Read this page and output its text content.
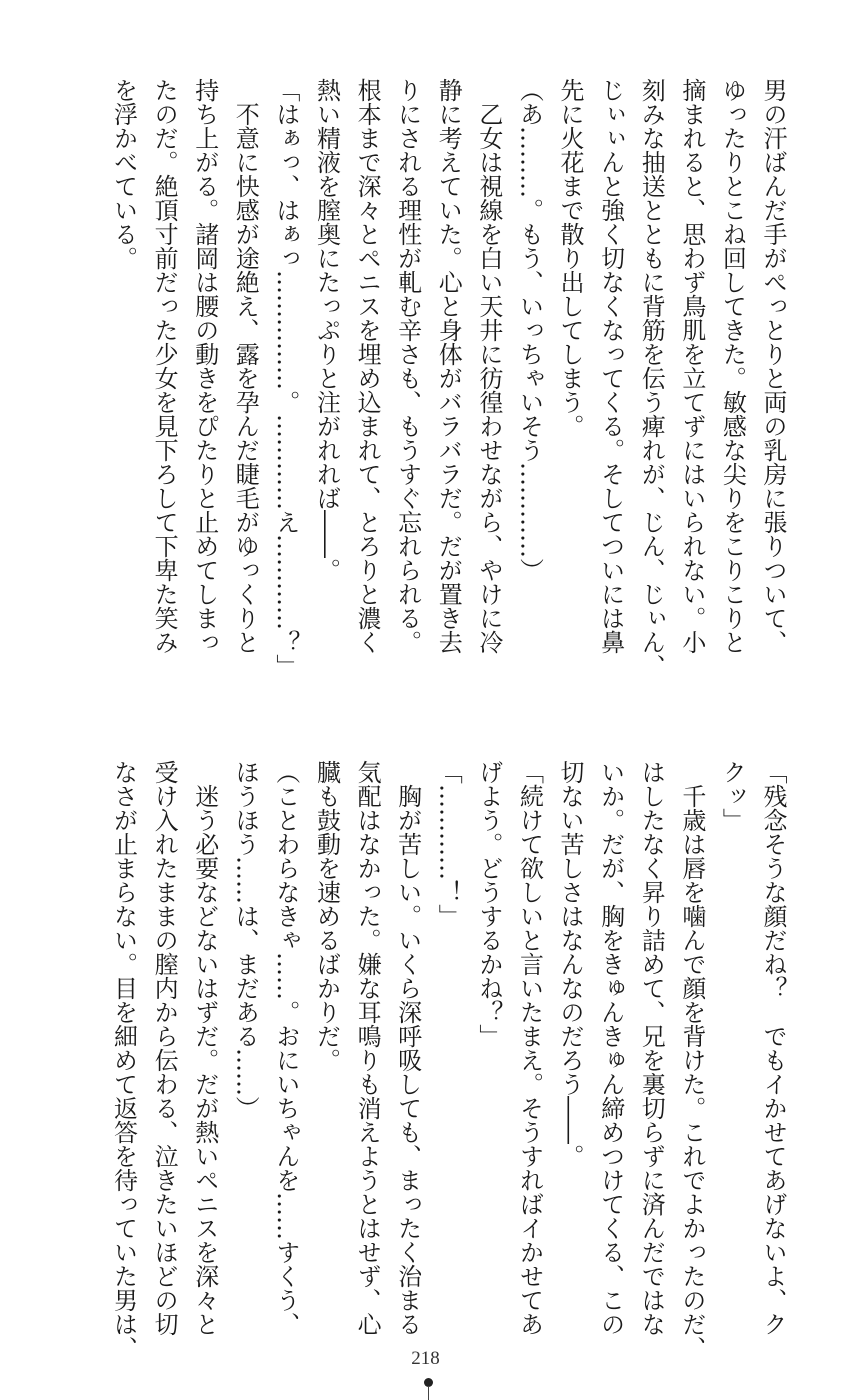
男の汗ばんだ手がぺっとりと両の乳房に張りついて、
ゆったりとこね回してきた。敏感な尖りをこりこりと
摘まれると、思わず鳥肌を立てずにはいられない。小
刻みな抽送とともに背筋を伝う痺れが、じん、じぃん、
じぃぃんと強く切なくなってくる。そしてついには鼻
先に火花まで散り出してしまう。
（あ………。もう、いっちゃいそう…………）
　乙女は視線を白い天井に彷徨わせながら、やけに冷
静に考えていた。心と身体がバラバラだ。だが置き去
りにされる理性が軋む辛さも、もうすぐ忘れられる。
根本まで深々とペニスを埋め込まれて、とろりと濃く
熱い精液を膣奥にたっぷりと注がれれば――。
「はぁっ、はぁっ……………。…………え…………？」
　不意に快感が途絶え、露を孕んだ睫毛がゆっくりと
持ち上がる。諸岡は腰の動きをぴたりと止めてしまっ
たのだ。絶頂寸前だった少女を見下ろして下卑た笑み
を浮かべている。
「残念そうな顔だね？　でもイかせてあげないよ、ク
クッ」
　千歳は唇を噛んで顔を背けた。これでよかったのだ、
はしたなく昇り詰めて、兄を裏切らずに済んだではな
いか。だが、胸をきゅんきゅん締めつけてくる、この
切ない苦しさはなんなのだろう――。
「続けて欲しいと言いたまえ。そうすればイかせてあ
げよう。どうするかね？」
「…………！」
　胸が苦しい。いくら深呼吸しても、まったく治まる
気配はなかった。嫌な耳鳴りも消えようとはせず、心
臓も鼓動を速めるばかりだ。
（ことわらなきゃ……。おにいちゃんを……すくう、
ほうほう……は、まだある……）
　迷う必要などないはずだ。だが熱いペニスを深々と
受け入れたままの膣内から伝わる、泣きたいほどの切
なさが止まらない。目を細めて返答を待っていた男は、	218
